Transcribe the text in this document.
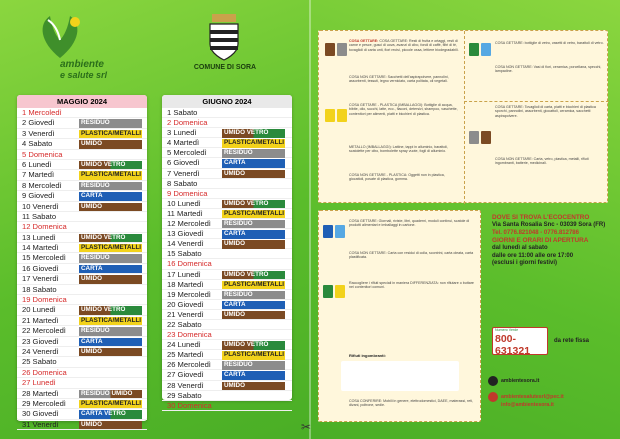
ambiente
e salute srl
COMUNE DI SORA
MAGGIO 2024
1 Mercoledì
2 Giovedì	RESIDUO
3 Venerdì	PLASTICA/METALLI
4 Sabato	UMIDO
5 Domenica
6 Lunedì	UMIDO VETRO
7 Martedì	PLASTICA/METALLI
8 Mercoledì	RESIDUO
9 Giovedì	CARTA
10 Venerdì	UMIDO
11 Sabato
12 Domenica
13 Lunedì	UMIDO VETRO
14 Martedì	PLASTICA/METALLI
15 Mercoledì	RESIDUO
16 Giovedì	CARTA
17 Venerdì	UMIDO
18 Sabato
19 Domenica
20 Lunedì	UMIDO VETRO
21 Martedì	PLASTICA/METALLI
22 Mercoledì	RESIDUO
23 Giovedì	CARTA
24 Venerdì	UMIDO
25 Sabato
26 Domenica
27 Lunedì
28 Martedì	RESIDUO UMIDO
29 Mercoledì	PLASTICA/METALLI
30 Giovedì	CARTA VETRO
31 Venerdì	UMIDO
GIUGNO 2024
1 Sabato
2 Domenica
3 Lunedì	UMIDO VETRO
4 Martedì	PLASTICA/METALLI
5 Mercoledì	RESIDUO
6 Giovedì	CARTA
7 Venerdì	UMIDO
8 Sabato
9 Domenica
10 Lunedì	UMIDO VETRO
11 Martedì	PLASTICA/METALLI
12 Mercoledì	RESIDUO
13 Giovedì	CARTA
14 Venerdì	UMIDO
15 Sabato
16 Domenica
17 Lunedì	UMIDO VETRO
18 Martedì	PLASTICA/METALLI
19 Mercoledì	RESIDUO
20 Giovedì	CARTA
21 Venerdì	UMIDO
22 Sabato
23 Domenica
24 Lunedì	UMIDO VETRO
25 Martedì	PLASTICA/METALLI
26 Mercoledì	RESIDUO
27 Giovedì	CARTA
28 Venerdì	UMIDO
29 Sabato
30 Domenica
✂
COSA GETTARE: COSA GETTARE: Resti di frutta e ortaggi, resti di carne e pesce, gusci di uova, avanzi di cibo, fondi di caffè, filtri di tè, tovaglioli di carta unti, fiori recisi, piccole ossa, lettiere biodegradabili.
COSA NON GETTARE: Sacchetti dell'aspirapolvere, pannolini, assorbenti, tessuti, legno verniciato, carta politata, oli vegetali.
COSA GETTARE: bottiglie di vetro, vasetti di vetro, barattoli di vetro.
COSA NON GETTARE: Vasi di fiori, ceramica, porcellana, specchi, lampadine.
COSA GETTARE - PLASTICA (IMBALLAGGI): Bottiglie di acqua, bibite, olio, succhi, latte, ecc., flaconi, detersivi, shampoo, vaschette, contenitori per alimenti, piatti e bicchieri di plastica.
METALLO (IMBALLAGGI): Lattine, tappi in alluminio, barattoli, scatolette per cibo, bombolette spray vuote, fogli di alluminio.
COSA NON GETTARE - PLASTICA: Oggetti non in plastica, giocattoli, posate di plastica, gomma.
COSA GETTARE: Tovaglioli di carta, piatti e bicchieri di plastica sporchi, pannolini, assorbenti, giocattoli, ceramica, sacchetti aspirapolvere.
COSA NON GETTARE: Carta, vetro, plastica, metalli, rifiuti ingombranti, batterie, medicinali.
COSA GETTARE: Giornali, riviste, libri, quaderni, moduli continui, scatole di prodotti alimentari e imballaggi in cartone.
COSA NON GETTARE: Carta con residui di colla, scontrini, carta oleata, carta plastificata.
Raccogliere i rifiuti speciali in maniera DIFFERENZIATA: non rifiutare o buttare nei contenitori comuni.
Rifiuti ingombranti:
COSA CONFERIRE: Mobili in genere, elettrodomestici, DAEE, materassi, reti, divani, poltrone, sedie.
DOVE SI TROVA L'ECOCENTRO
Via Santa Rosalia Snc - 03039 Sora (FR)
Tel. 0776.821048 - 0776.812786
GIORNI E ORARI DI APERTURA
dal lunedì al sabato
dalle ore 11:00 alle ore 17:00
(esclusi i giorni festivi)
Numero Verde
800-631321
da rete fissa
ambientesora.it
ambientesalutesrl@pec.it
info@ambientesora.it
